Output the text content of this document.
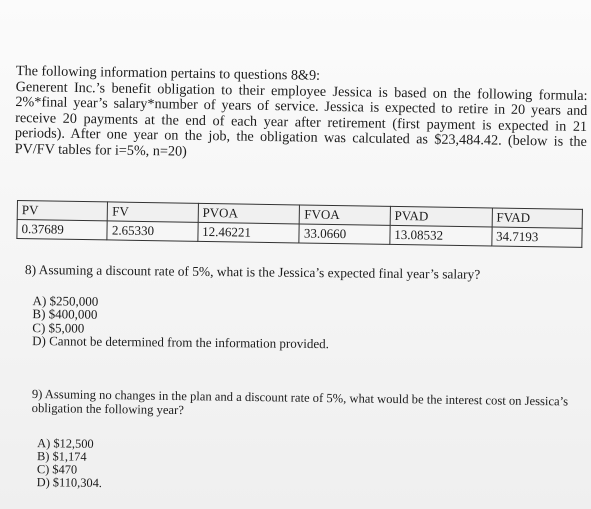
The following information pertains to questions 8&9:

Generent Inc.’s benefit obligation to their employee Jessica is based on the following formula: 2%*final year’s salary*number of years of service. Jessica is expected to retire in 20 years and receive 20 payments at the end of each year after retirement (first payment is expected in 21 periods). After one year on the job, the obligation was calculated as $23,484.42. (below is the PV/FV tables for i=5%, n=20)

PV	FV	PVOA	FVOA	PVAD	FVAD
0.37689	2.65330	12.46221	33.0660	13.08532	34.7193

8) Assuming a discount rate of 5%, what is the Jessica’s expected final year’s salary?

A) $250,000
B) $400,000
C) $5,000
D) Cannot be determined from the information provided.

9) Assuming no changes in the plan and a discount rate of 5%, what would be the interest cost on Jessica’s obligation the following year?

A) $12,500
B) $1,174
C) $470
D) $110,304.
